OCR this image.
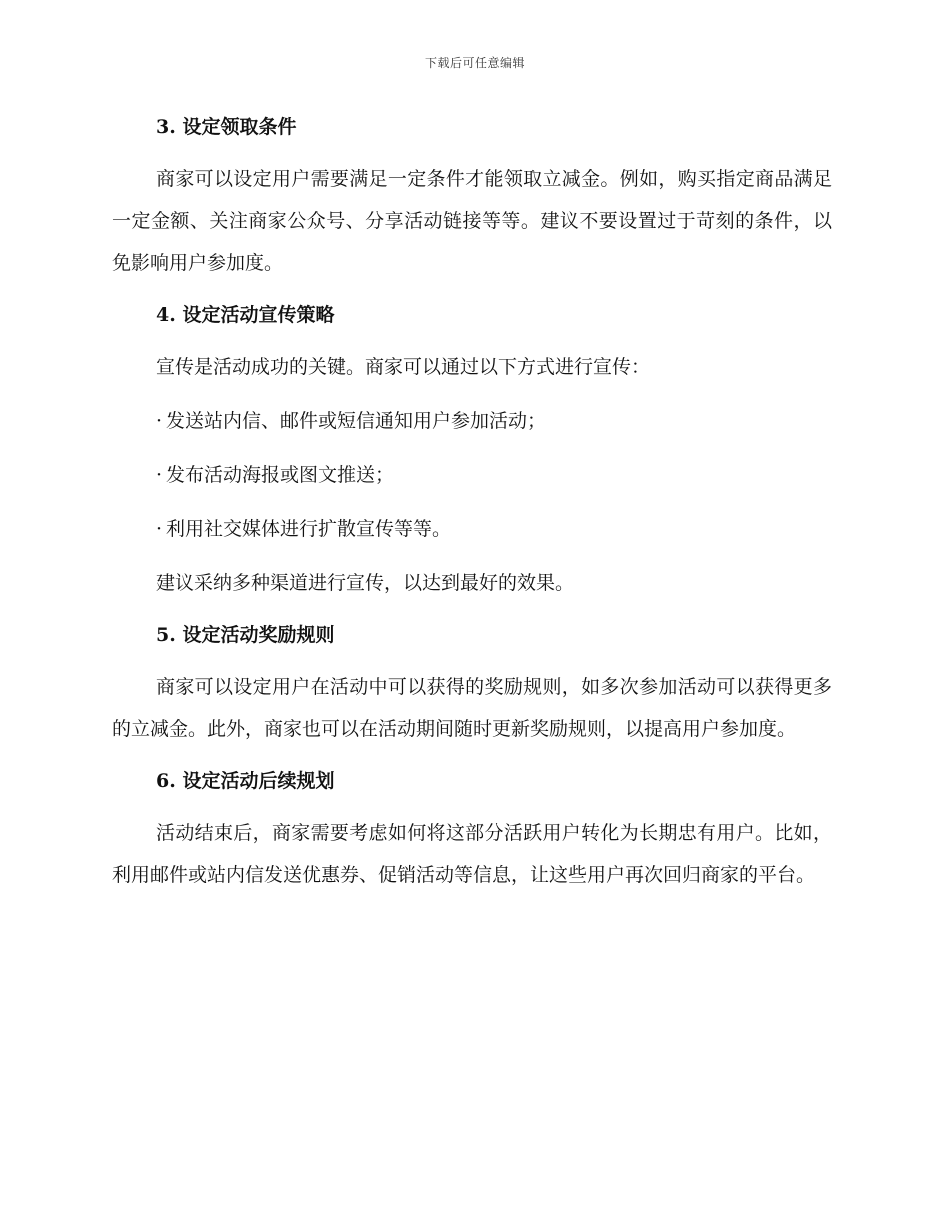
下载后可任意编辑
3. 设定领取条件

商家可以设定用户需要满足一定条件才能领取立减金。例如，购买指定商品满足一定金额、关注商家公众号、分享活动链接等等。建议不要设置过于苛刻的条件，以免影响用户参加度。

4. 设定活动宣传策略

宣传是活动成功的关键。商家可以通过以下方式进行宣传：

· 发送站内信、邮件或短信通知用户参加活动；
· 发布活动海报或图文推送；
· 利用社交媒体进行扩散宣传等等。

建议采纳多种渠道进行宣传，以达到最好的效果。

5. 设定活动奖励规则

商家可以设定用户在活动中可以获得的奖励规则，如多次参加活动可以获得更多的立减金。此外，商家也可以在活动期间随时更新奖励规则，以提高用户参加度。

6. 设定活动后续规划

活动结束后，商家需要考虑如何将这部分活跃用户转化为长期忠有用户。比如，利用邮件或站内信发送优惠券、促销活动等信息，让这些用户再次回归商家的平台。
